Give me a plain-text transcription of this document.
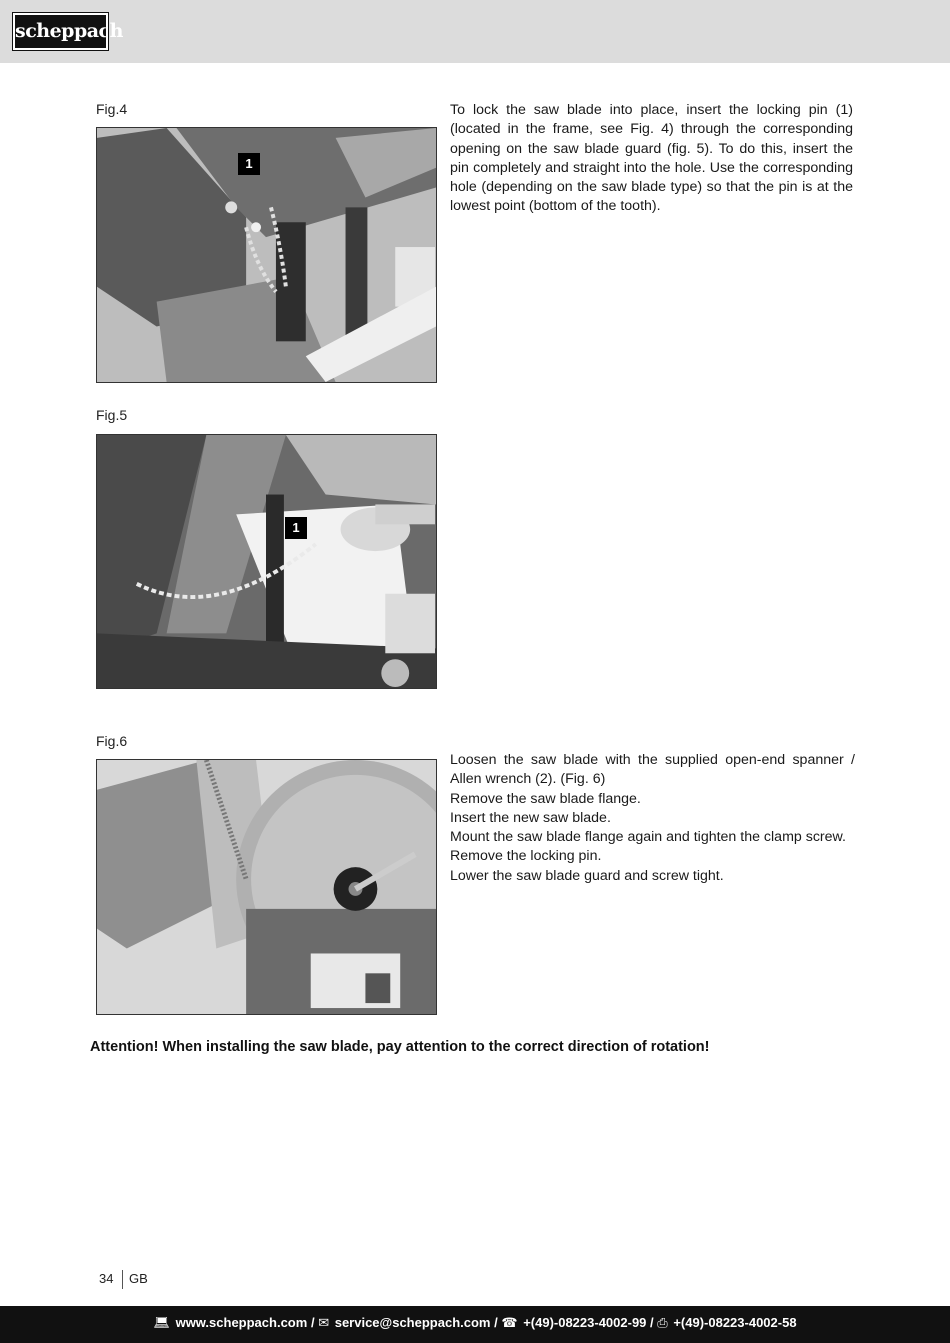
scheppach
Fig.4
1
To lock the saw blade into place, insert the locking pin (1) (located in the frame, see Fig. 4) through the corresponding opening on the saw blade guard (fig. 5). To do this, insert the pin completely and straight into the hole. Use the corresponding hole (depending on the saw blade type) so that the pin is at the lowest point (bottom of the tooth).
Fig.5
1
Fig.6
Loosen the saw blade with the supplied open-end spanner / Allen wrench (2). (Fig. 6)
Remove the saw blade flange.
Insert the new saw blade.
Mount the saw blade flange again and tighten the clamp screw.
Remove the locking pin.
Lower the saw blade guard and screw tight.
Attention! When installing the saw blade, pay attention to the correct direction of rotation!
34 GB
💻︎ www.scheppach.com / ✉︎ service@scheppach.com / ☎︎ +(49)-08223-4002-99 / ⎙ +(49)-08223-4002-58
